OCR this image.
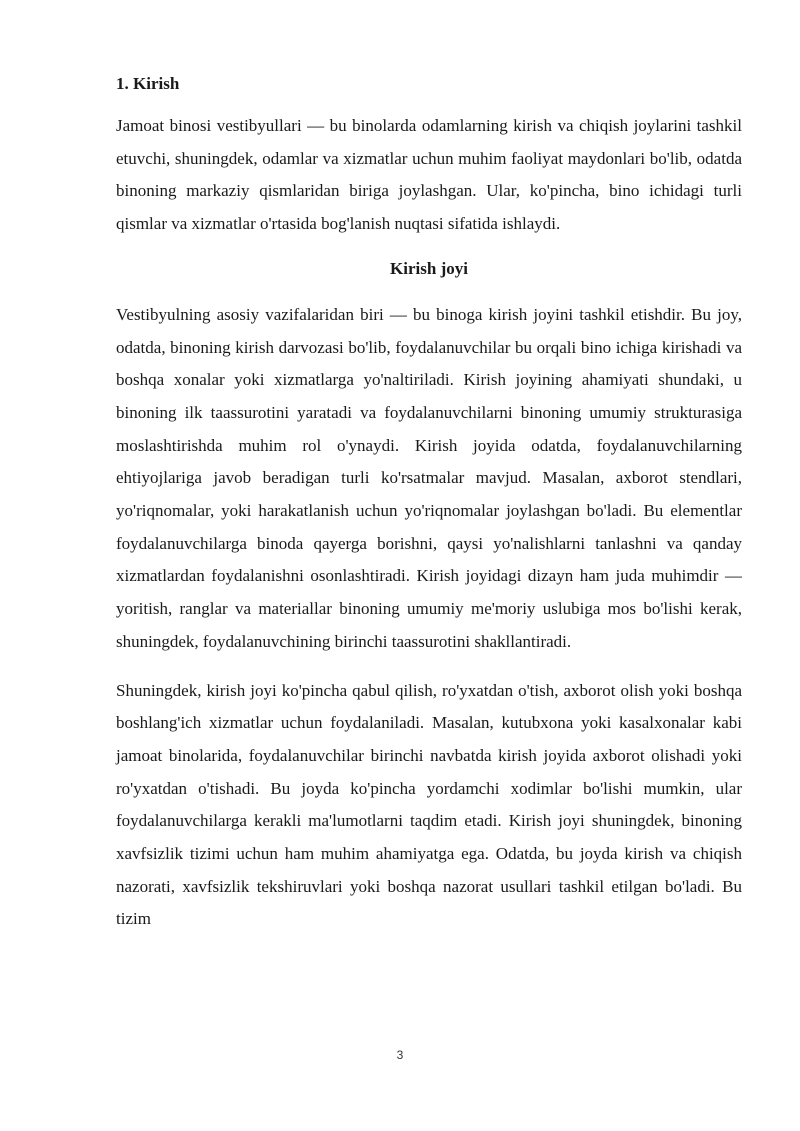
1. Kirish

Jamoat binosi vestibyullari — bu binolarda odamlarning kirish va chiqish joylarini tashkil etuvchi, shuningdek, odamlar va xizmatlar uchun muhim faoliyat maydonlari bo'lib, odatda binoning markaziy qismlaridan biriga joylashgan. Ular, ko'pincha, bino ichidagi turli qismlar va xizmatlar o'rtasida bog'lanish nuqtasi sifatida ishlaydi.

Kirish joyi

Vestibyulning asosiy vazifalaridan biri — bu binoga kirish joyini tashkil etishdir. Bu joy, odatda, binoning kirish darvozasi bo'lib, foydalanuvchilar bu orqali bino ichiga kirishadi va boshqa xonalar yoki xizmatlarga yo'naltiriladi. Kirish joyining ahamiyati shundaki, u binoning ilk taassurotini yaratadi va foydalanuvchilarni binoning umumiy strukturasiga moslashtirishda muhim rol o'ynaydi. Kirish joyida odatda, foydalanuvchilarning ehtiyojlariga javob beradigan turli ko'rsatmalar mavjud. Masalan, axborot stendlari, yo'riqnomalar, yoki harakatlanish uchun yo'riqnomalar joylashgan bo'ladi. Bu elementlar foydalanuvchilarga binoda qayerga borishni, qaysi yo'nalishlarni tanlashni va qanday xizmatlardan foydalanishni osonlashtiradi. Kirish joyidagi dizayn ham juda muhimdir — yoritish, ranglar va materiallar binoning umumiy me'moriy uslubiga mos bo'lishi kerak, shuningdek, foydalanuvchining birinchi taassurotini shakllantiradi.

Shuningdek, kirish joyi ko'pincha qabul qilish, ro'yxatdan o'tish, axborot olish yoki boshqa boshlang'ich xizmatlar uchun foydalaniladi. Masalan, kutubxona yoki kasalxonalar kabi jamoat binolarida, foydalanuvchilar birinchi navbatda kirish joyida axborot olishadi yoki ro'yxatdan o'tishadi. Bu joyda ko'pincha yordamchi xodimlar bo'lishi mumkin, ular foydalanuvchilarga kerakli ma'lumotlarni taqdim etadi. Kirish joyi shuningdek, binoning xavfsizlik tizimi uchun ham muhim ahamiyatga ega. Odatda, bu joyda kirish va chiqish nazorati, xavfsizlik tekshiruvlari yoki boshqa nazorat usullari tashkil etilgan bo'ladi. Bu tizim

3
